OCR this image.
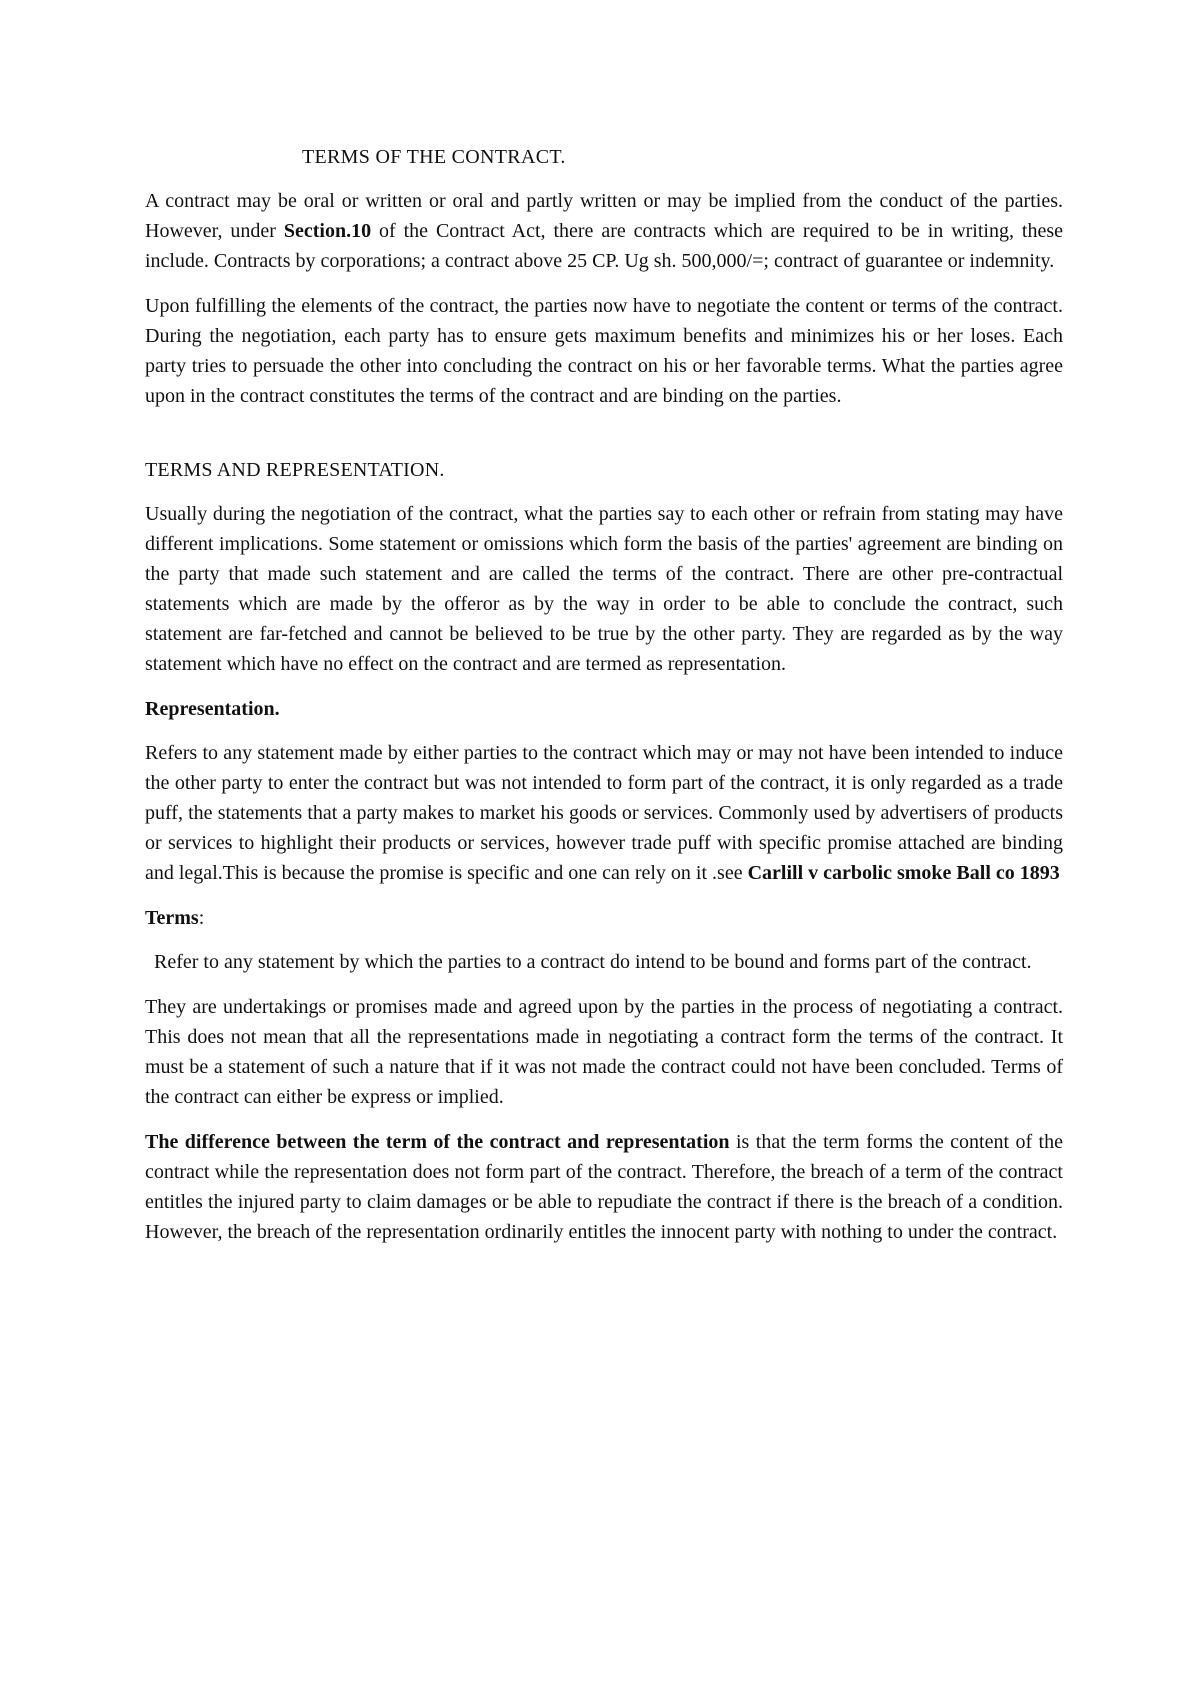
TERMS OF THE CONTRACT.

A contract may be oral or written or oral and partly written or may be implied from the conduct of the parties. However, under Section.10 of the Contract Act, there are contracts which are required to be in writing, these include. Contracts by corporations; a contract above 25 CP. Ug sh. 500,000/=; contract of guarantee or indemnity.

Upon fulfilling the elements of the contract, the parties now have to negotiate the content or terms of the contract. During the negotiation, each party has to ensure gets maximum benefits and minimizes his or her loses. Each party tries to persuade the other into concluding the contract on his or her favorable terms. What the parties agree upon in the contract constitutes the terms of the contract and are binding on the parties.

TERMS AND REPRESENTATION.

Usually during the negotiation of the contract, what the parties say to each other or refrain from stating may have different implications. Some statement or omissions which form the basis of the parties' agreement are binding on the party that made such statement and are called the terms of the contract. There are other pre-contractual statements which are made by the offeror as by the way in order to be able to conclude the contract, such statement are far-fetched and cannot be believed to be true by the other party. They are regarded as by the way statement which have no effect on the contract and are termed as representation.

Representation.

Refers to any statement made by either parties to the contract which may or may not have been intended to induce the other party to enter the contract but was not intended to form part of the contract, it is only regarded as a trade puff, the statements that a party makes to market his goods or services. Commonly used by advertisers of products or services to highlight their products or services, however trade puff with specific promise attached are binding and legal.This is because the promise is specific and one can rely on it .see Carlill v carbolic smoke Ball co 1893

Terms:

Refer to any statement by which the parties to a contract do intend to be bound and forms part of the contract.

They are undertakings or promises made and agreed upon by the parties in the process of negotiating a contract. This does not mean that all the representations made in negotiating a contract form the terms of the contract. It must be a statement of such a nature that if it was not made the contract could not have been concluded. Terms of the contract can either be express or implied.

The difference between the term of the contract and representation is that the term forms the content of the contract while the representation does not form part of the contract. Therefore, the breach of a term of the contract entitles the injured party to claim damages or be able to repudiate the contract if there is the breach of a condition. However, the breach of the representation ordinarily entitles the innocent party with nothing to under the contract.
